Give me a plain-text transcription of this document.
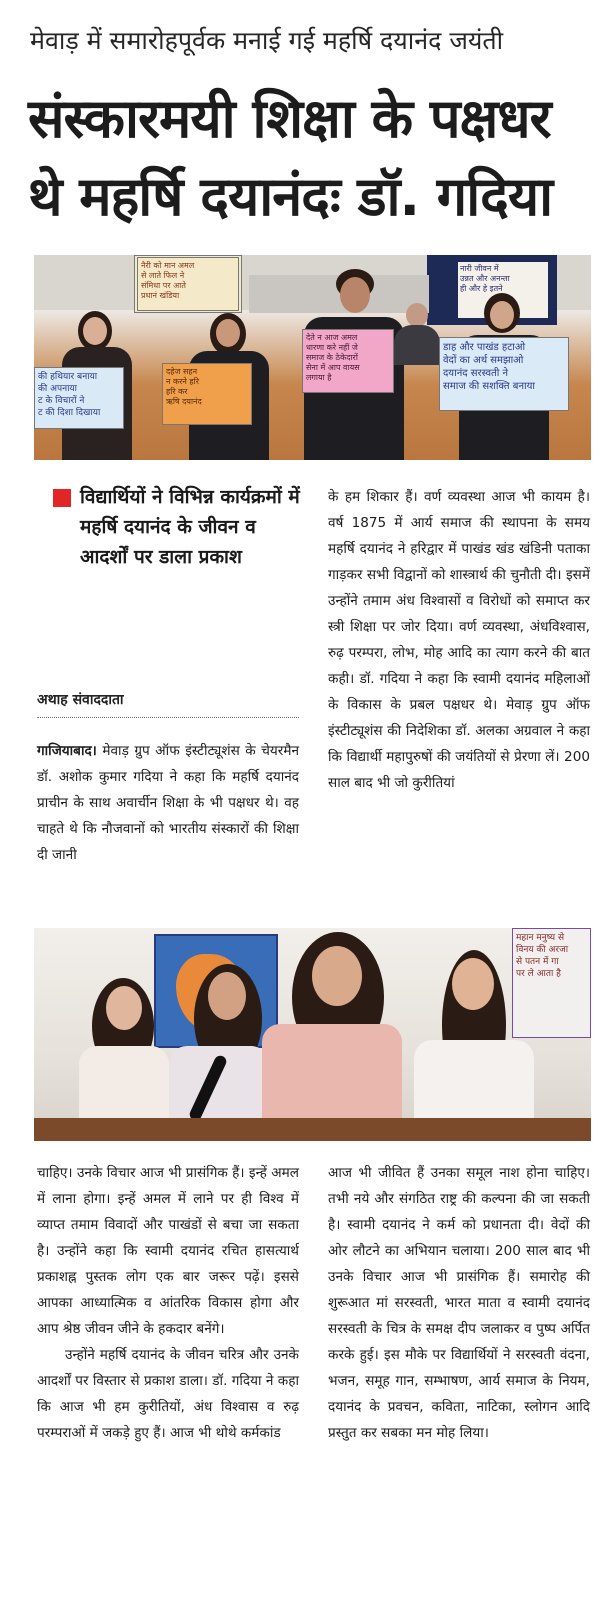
मेवाड़ में समारोहपूर्वक मनाई गई महर्षि दयानंद जयंती
संस्कारमयी शिक्षा के पक्षधर थे महर्षि दयानंदः डॉ. गदिया

नारी जीवन में
उन्नत और अनन्ता
ही और हे इतने

की हथियार बनाया
की अपनाया
ट के विचारों ने
ट की दिशा दिखाया
दहेज सहन
न करने हरि
हरि कर
ऋषि दयानंद
देते न आज अमल
धारणा करे नहीं जे
समाज के ठेकेदारों
सेना में आप वायस
लगाया है
डाह और पाखंड हटाओ
वेदों का अर्थ समझाओ
दयानंद सरस्वती ने
समाज की सशक्ति बनाया
नैरी को मान अमल
से लाते फिल ने
संमिधा पर आते
प्रधानं खंडिया
विद्यार्थियों ने विभिन्न कार्यक्रमों में महर्षि दयानंद के जीवन व आदर्शों पर डाला प्रकाश
अथाह संवाददाता

गाजियाबाद। मेवाड़ ग्रुप ऑफ इंस्टीट्यूशंस के चेयरमैन डॉ. अशोक कुमार गदिया ने कहा कि महर्षि दयानंद प्राचीन के साथ अवार्चीन शिक्षा के भी पक्षधर थे। वह चाहते थे कि नौजवानों को भारतीय संस्कारों की शिक्षा दी जानी

के हम शिकार हैं। वर्ण व्यवस्था आज भी कायम है। वर्ष 1875 में आर्य समाज की स्थापना के समय महर्षि दयानंद ने हरिद्वार में पाखंड खंड खंडिनी पताका गाड़कर सभी विद्वानों को शास्त्रार्थ की चुनौती दी। इसमें उन्होंने तमाम अंध विश्वासों व विरोधों को समाप्त कर स्त्री शिक्षा पर जोर दिया। वर्ण व्यवस्था, अंधविश्वास, रुढ़ परम्परा, लोभ, मोह आदि का त्याग करने की बात कही। डॉ. गदिया ने कहा कि स्वामी दयानंद महिलाओं के विकास के प्रबल पक्षधर थे। मेवाड़ ग्रुप ऑफ इंस्टीट्यूशंस की निदेशिका डॉ. अलका अग्रवाल ने कहा कि विद्यार्थी महापुरुषों की जयंतियों से प्रेरणा लें। 200 साल बाद भी जो कुरीतियां

महान मनुष्य से
विनय की अरजा
से पतन में गा
पर ले आता है

चाहिए। उनके विचार आज भी प्रासंगिक हैं। इन्हें अमल में लाना होगा। इन्हें अमल में लाने पर ही विश्व में व्याप्त तमाम विवादों और पाखंडों से बचा जा सकता है। उन्होंने कहा कि स्वामी दयानंद रचित हासत्यार्थ प्रकाशह्न पुस्तक लोग एक बार जरूर पढ़ें। इससे आपका आध्यात्मिक व आंतरिक विकास होगा और आप श्रेष्ठ जीवन जीने के हकदार बनेंगे।

उन्होंने महर्षि दयानंद के जीवन चरित्र और उनके आदर्शों पर विस्तार से प्रकाश डाला। डॉ. गदिया ने कहा कि आज भी हम कुरीतियों, अंध विश्वास व रुढ़ परम्पराओं में जकड़े हुए हैं। आज भी थोथे कर्मकांड

आज भी जीवित हैं उनका समूल नाश होना चाहिए। तभी नये और संगठित राष्ट्र की कल्पना की जा सकती है। स्वामी दयानंद ने कर्म को प्रधानता दी। वेदों की ओर लौटने का अभियान चलाया। 200 साल बाद भी उनके विचार आज भी प्रासंगिक हैं। समारोह की शुरूआत मां सरस्वती, भारत माता व स्वामी दयानंद सरस्वती के चित्र के समक्ष दीप जलाकर व पुष्प अर्पित करके हुई। इस मौके पर विद्यार्थियों ने सरस्वती वंदना, भजन, समूह गान, सम्भाषण, आर्य समाज के नियम, दयानंद के प्रवचन, कविता, नाटिका, स्लोगन आदि प्रस्तुत कर सबका मन मोह लिया।
